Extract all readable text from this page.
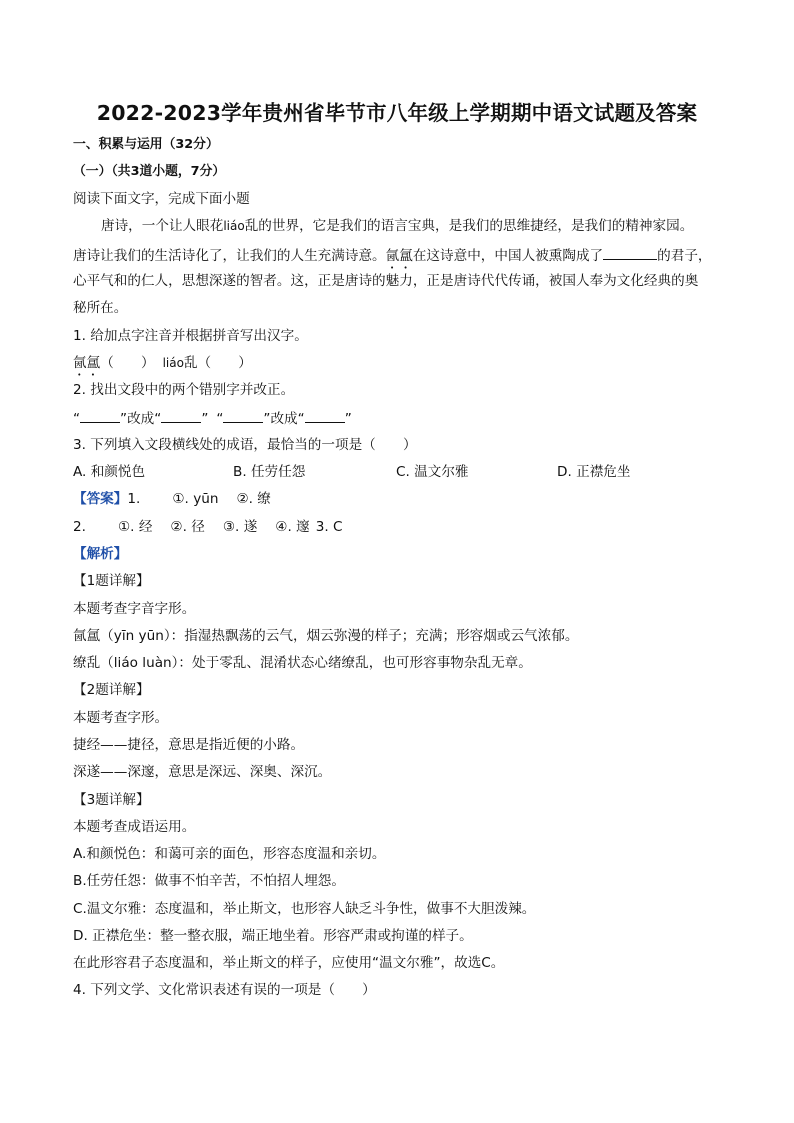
2022-2023学年贵州省毕节市八年级上学期期中语文试题及答案
一、积累与运用（32分）
（一）（共3道小题，7分）
阅读下面文字，完成下面小题
唐诗，一个让人眼花liáo乱的世界，它是我们的语言宝典，是我们的思维捷经，是我们的精神家园。
唐诗让我们的生活诗化了，让我们的人生充满诗意。氤氲在这诗意中，中国人被熏陶成了	的君子，
心平气和的仁人，思想深遂的智者。这，正是唐诗的魅力，正是唐诗代代传诵，被国人奉为文化经典的奥
秘所在。
1. 给加点字注音并根据拼音写出汉字。
氤氲（　　） liáo乱（　　）
2. 找出文段中的两个错别字并改正。
“	”改成“	” “	”改成“	”
3. 下列填入文段横线处的成语，最恰当的一项是（　　）
A. 和颜悦色	B. 任劳任怨	C. 温文尔雅	D. 正襟危坐
【答案】1. ①. yūn ②. 缭
2. ①. 经 ②. 径 ③. 遂 ④. 邃 3. C
【解析】
【1题详解】
本题考查字音字形。
氤氲（yīn yūn）：指湿热飘荡的云气，烟云弥漫的样子；充满；形容烟或云气浓郁。
缭乱（liáo luàn）：处于零乱、混淆状态心绪缭乱，也可形容事物杂乱无章。
【2题详解】
本题考查字形。
捷经——捷径，意思是指近便的小路。
深遂——深邃，意思是深远、深奥、深沉。
【3题详解】
本题考查成语运用。
A.和颜悦色：和蔼可亲的面色，形容态度温和亲切。
B.任劳任怨：做事不怕辛苦，不怕招人埋怨。
C.温文尔雅：态度温和，举止斯文，也形容人缺乏斗争性，做事不大胆泼辣。
D. 正襟危坐：整一整衣服，端正地坐着。形容严肃或拘谨的样子。
在此形容君子态度温和，举止斯文的样子，应使用“温文尔雅”，故选C。
4. 下列文学、文化常识表述有误的一项是（　　）
